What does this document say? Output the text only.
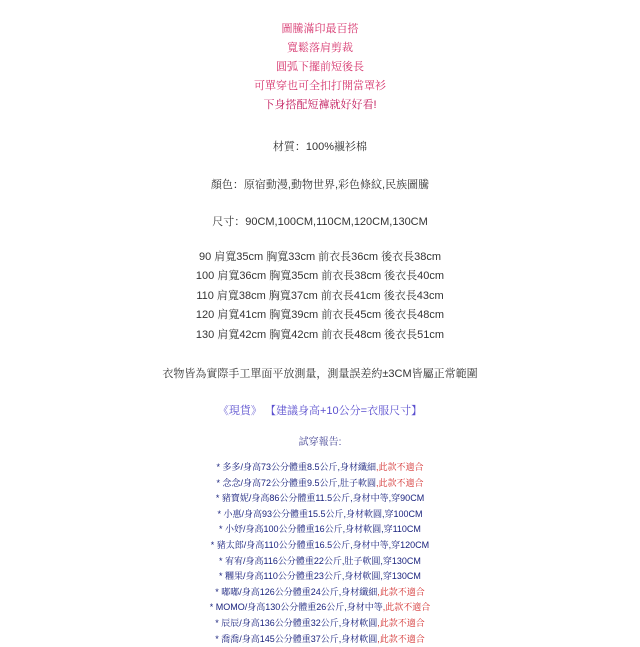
圖騰滿印最百搭
寬鬆落肩剪裁
圓弧下擺前短後長
可單穿也可全扣打開當罩衫
下身搭配短褲就好好看!
材質：100%襯衫棉
顏色：原宿動漫,動物世界,彩色條紋,民族圖騰
尺寸：90CM,100CM,110CM,120CM,130CM
90 肩寬35cm 胸寬33cm 前衣長36cm 後衣長38cm
100 肩寬36cm 胸寬35cm 前衣長38cm 後衣長40cm
110 肩寬38cm 胸寬37cm 前衣長41cm 後衣長43cm
120 肩寬41cm 胸寬39cm 前衣長45cm 後衣長48cm
130 肩寬42cm 胸寬42cm 前衣長48cm 後衣長51cm
衣物皆為實際手工單面平放測量，測量誤差約±3CM皆屬正常範圍
《現貨》 【建議身高+10公分=衣服尺寸】
試穿報告:
* 多多/身高73公分體重8.5公斤,身材纖細,此款不適合
* 念念/身高72公分體重9.5公斤,肚子軟圓,此款不適合
* 豬寶妮/身高86公分體重11.5公斤,身材中等,穿90CM
* 小惠/身高93公分體重15.5公斤,身材軟圓,穿100CM
* 小妤/身高100公分體重16公斤,身材軟圓,穿110CM
* 豬太郎/身高110公分體重16.5公斤,身材中等,穿120CM
* 宥宥/身高116公分體重22公斤,肚子軟圓,穿130CM
* 糰果/身高110公分體重23公斤,身材軟圓,穿130CM
* 嘟嘟/身高126公分體重24公斤,身材纖細,此款不適合
* MOMO/身高130公分體重26公斤,身材中等,此款不適合
* 辰辰/身高136公分體重32公斤,身材軟圓,此款不適合
* 喬喬/身高145公分體重37公斤,身材軟圓,此款不適合
